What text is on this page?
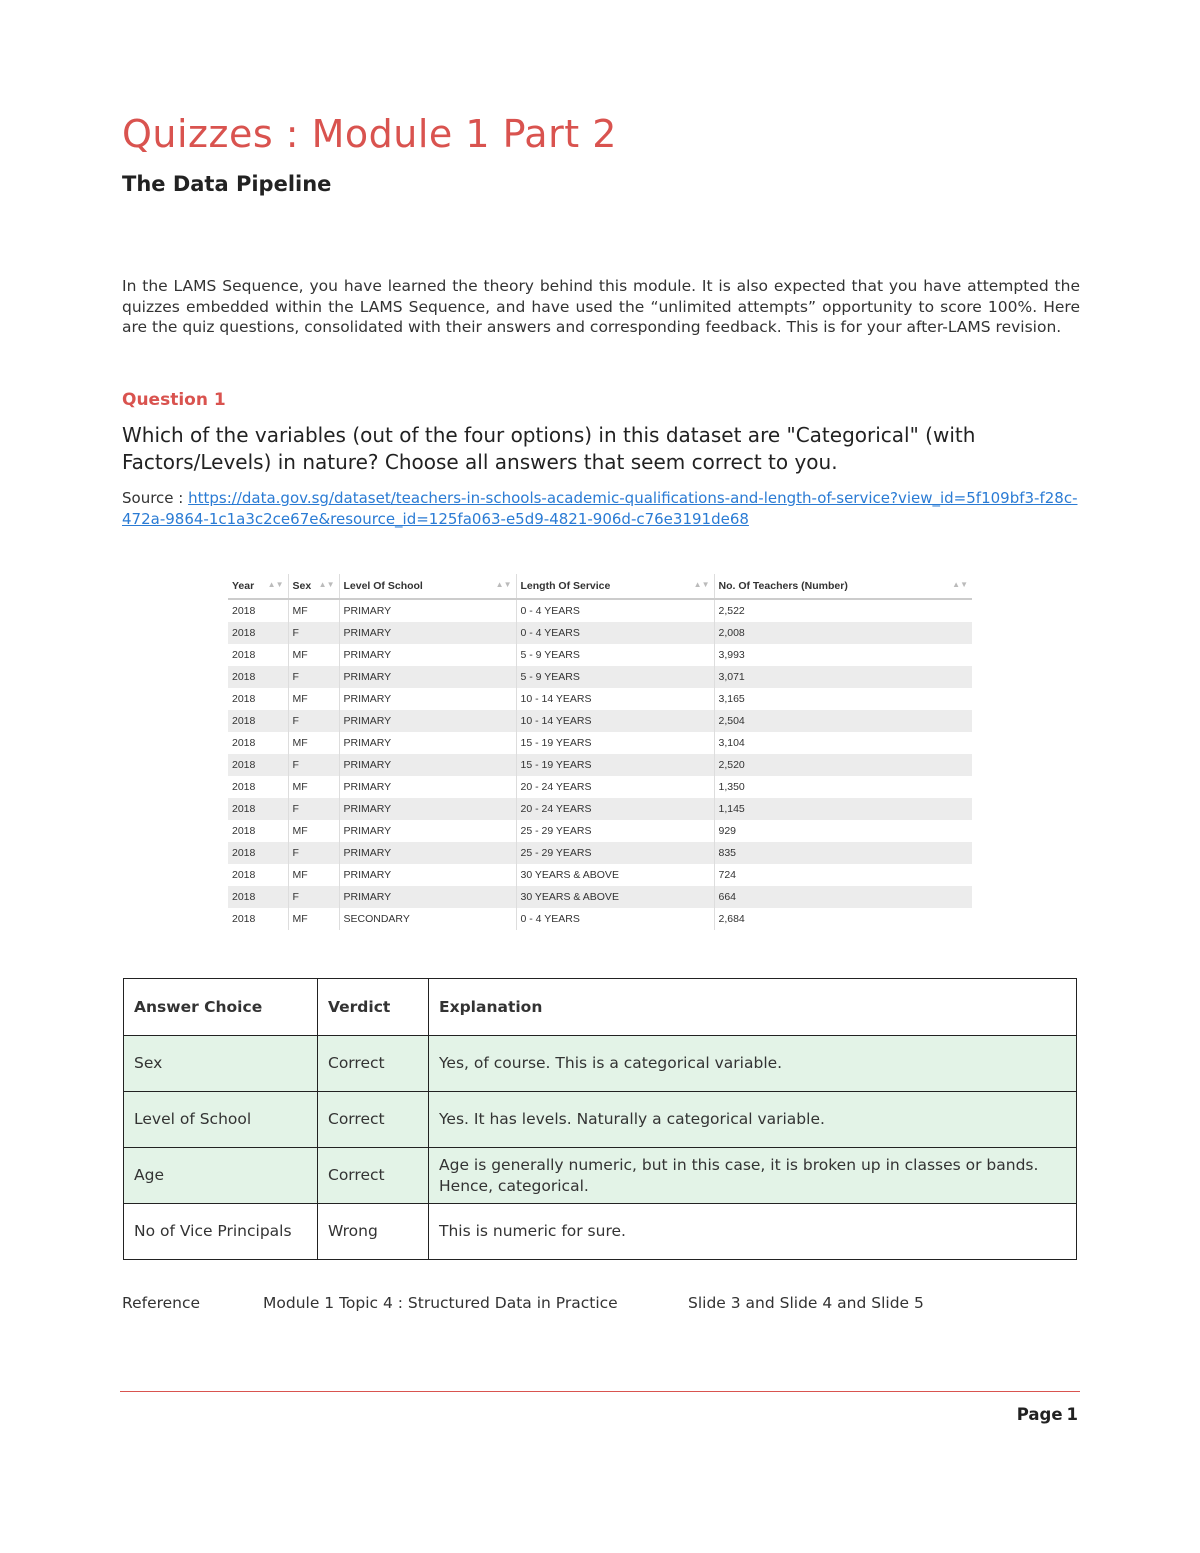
Quizzes : Module 1 Part 2
The Data Pipeline

In the LAMS Sequence, you have learned the theory behind this module. It is also expected that you have attempted the quizzes embedded within the LAMS Sequence, and have used the “unlimited attempts” opportunity to score 100%. Here are the quiz questions, consolidated with their answers and corresponding feedback. This is for your after-LAMS revision.

Question 1

Which of the variables (out of the four options) in this dataset are "Categorical" (with Factors/Levels) in nature? Choose all answers that seem correct to you.

Source : https://data.gov.sg/dataset/teachers-in-schools-academic-qualifications-and-length-of-service?view_id=5f109bf3-f28c-472a-9864-1c1a3c2ce67e&resource_id=125fa063-e5d9-4821-906d-c76e3191de68

Year ▲▼	Sex ▲▼	Level Of School ▲▼	Length Of Service ▲▼	No. Of Teachers (Number) ▲▼

2018	MF	PRIMARY	0 - 4 YEARS	2,522
2018	F	PRIMARY	0 - 4 YEARS	2,008
2018	MF	PRIMARY	5 - 9 YEARS	3,993
2018	F	PRIMARY	5 - 9 YEARS	3,071
2018	MF	PRIMARY	10 - 14 YEARS	3,165
2018	F	PRIMARY	10 - 14 YEARS	2,504
2018	MF	PRIMARY	15 - 19 YEARS	3,104
2018	F	PRIMARY	15 - 19 YEARS	2,520
2018	MF	PRIMARY	20 - 24 YEARS	1,350
2018	F	PRIMARY	20 - 24 YEARS	1,145
2018	MF	PRIMARY	25 - 29 YEARS	929
2018	F	PRIMARY	25 - 29 YEARS	835
2018	MF	PRIMARY	30 YEARS & ABOVE	724
2018	F	PRIMARY	30 YEARS & ABOVE	664
2018	MF	SECONDARY	0 - 4 YEARS	2,684
Answer Choice	Verdict	Explanation
Sex	Correct	Yes, of course. This is a categorical variable.
Level of School	Correct	Yes. It has levels. Naturally a categorical variable.
Age	Correct	Age is generally numeric, but in this case, it is broken up in classes or bands. Hence, categorical.
No of Vice Principals	Wrong	This is numeric for sure.
Reference	Module 1 Topic 4 : Structured Data in Practice	Slide 3 and Slide 4 and Slide 5
Page 1
